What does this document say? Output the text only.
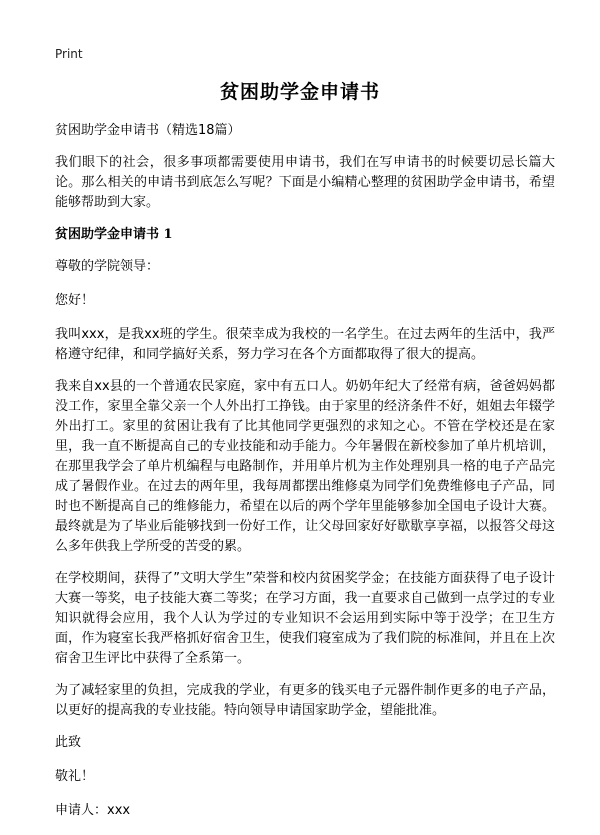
Print
贫困助学金申请书

贫困助学金申请书（精选18篇）

我们眼下的社会，很多事项都需要使用申请书，我们在写申请书的时候要切忌长篇大论。那么相关的申请书到底怎么写呢？下面是小编精心整理的贫困助学金申请书，希望能够帮助到大家。

贫困助学金申请书 1

尊敬的学院领导：

您好！

我叫xxx，是我xx班的学生。很荣幸成为我校的一名学生。在过去两年的生活中，我严格遵守纪律，和同学搞好关系，努力学习在各个方面都取得了很大的提高。

我来自xx县的一个普通农民家庭，家中有五口人。奶奶年纪大了经常有病，爸爸妈妈都没工作，家里全靠父亲一个人外出打工挣钱。由于家里的经济条件不好，姐姐去年辍学外出打工。家里的贫困让我有了比其他同学更强烈的求知之心。不管在学校还是在家里，我一直不断提高自己的专业技能和动手能力。今年暑假在新校参加了单片机培训，在那里我学会了单片机编程与电路制作，并用单片机为主作处理别具一格的电子产品完成了暑假作业。在过去的两年里，我每周都摆出维修桌为同学们免费维修电子产品，同时也不断提高自己的维修能力，希望在以后的两个学年里能够参加全国电子设计大赛。最终就是为了毕业后能够找到一份好工作，让父母回家好好歇歇享享福，以报答父母这么多年供我上学所受的苦受的累。

在学校期间，获得了”文明大学生”荣誉和校内贫困奖学金；在技能方面获得了电子设计大赛一等奖，电子技能大赛二等奖；在学习方面，我一直要求自己做到一点学过的专业知识就得会应用，我个人认为学过的专业知识不会运用到实际中等于没学；在卫生方面，作为寝室长我严格抓好宿舍卫生，使我们寝室成为了我们院的标准间，并且在上次宿舍卫生评比中获得了全系第一。

为了减轻家里的负担，完成我的学业，有更多的钱买电子元器件制作更多的电子产品，以更好的提高我的专业技能。特向领导申请国家助学金，望能批准。

此致

敬礼！

申请人：xxx
